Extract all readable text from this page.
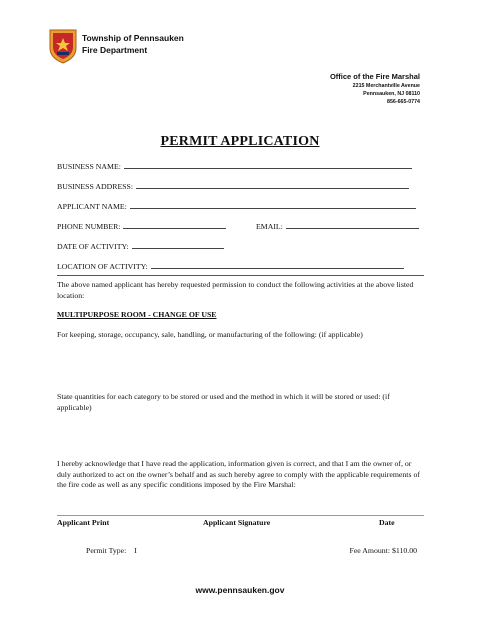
Township of Pennsauken
Fire Department
Office of the Fire Marshal
2215 Merchantville Avenue
Pennsauken, NJ 08110
856-665-0774
PERMIT APPLICATION
BUSINESS NAME:
BUSINESS ADDRESS:
APPLICANT NAME:
PHONE NUMBER:	EMAIL:
DATE OF ACTIVITY:
LOCATION OF ACTIVITY:
The above named applicant has hereby requested permission to conduct the following activities at the above listed location:
MULTIPURPOSE ROOM - CHANGE OF USE
For keeping, storage, occupancy, sale, handling, or manufacturing of the following: (if applicable)
State quantities for each category to be stored or used and the method in which it will be stored or used: (if applicable)
I hereby acknowledge that I have read the application, information given is correct, and that I am the owner of, or duly authorized to act on the owner’s behalf and as such hereby agree to comply with the applicable requirements of the fire code as well as any specific conditions imposed by the Fire Marshal:
Applicant Print	Applicant Signature	Date
Permit Type: I	Fee Amount: $110.00
www.pennsauken.gov
